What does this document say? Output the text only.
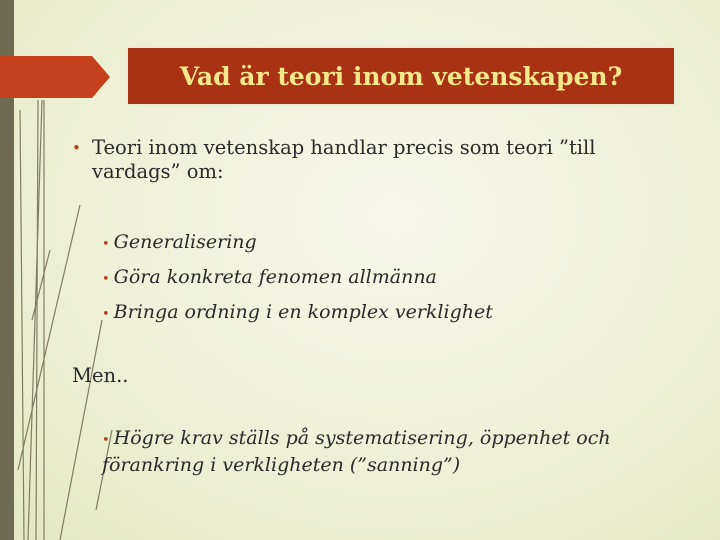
Vad är teori inom vetenskapen?
• Teori inom vetenskap handlar precis som teori ”till vardags” om:
• Generalisering
• Göra konkreta fenomen allmänna
• Bringa ordning i en komplex verklighet
Men..
• Högre krav ställs på systematisering, öppenhet och förankring i verkligheten (”sanning”)
